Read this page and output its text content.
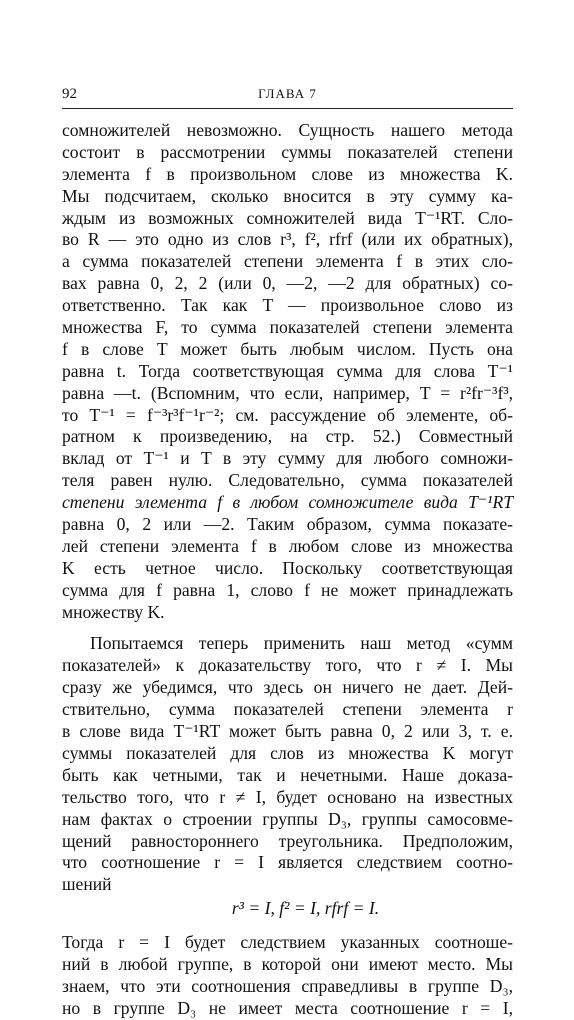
92	ГЛАВА 7
сомножителей невозможно. Сущность нашего метода
состоит в рассмотрении суммы показателей степени
элемента f в произвольном слове из множества K.
Мы подсчитаем, сколько вносится в эту сумму ка-
ждым из возможных сомножителей вида T⁻¹RT. Сло-
во R — это одно из слов r³, f², rfrf (или их обратных),
а сумма показателей степени элемента f в этих сло-
вах равна 0, 2, 2 (или 0, —2, —2 для обратных) со-
ответственно. Так как T — произвольное слово из
множества F, то сумма показателей степени элемента
f в слове T может быть любым числом. Пусть она
равна t. Тогда соответствующая сумма для слова T⁻¹
равна —t. (Вспомним, что если, например, T = r²fr⁻³f³,
то T⁻¹ = f⁻³r³f⁻¹r⁻²; см. рассуждение об элементе, об-
ратном к произведению, на стр. 52.) Совместный
вклад от T⁻¹ и T в эту сумму для любого сомножи-
теля равен нулю. Следовательно, сумма показателей
степени элемента f в любом сомножителе вида T⁻¹RT
равна 0, 2 или —2. Таким образом, сумма показате-
лей степени элемента f в любом слове из множества
K есть четное число. Поскольку соответствующая
сумма для f равна 1, слово f не может принадлежать
множеству K.
Попытаемся теперь применить наш метод «сумм
показателей» к доказательству того, что r ≠ I. Мы
сразу же убедимся, что здесь он ничего не дает. Дей-
ствительно, сумма показателей степени элемента r
в слове вида T⁻¹RT может быть равна 0, 2 или 3, т. е.
суммы показателей для слов из множества K могут
быть как четными, так и нечетными. Наше доказа-
тельство того, что r ≠ I, будет основано на известных
нам фактах о строении группы D₃, группы самосовме-
щений равностороннего треугольника. Предположим,
что соотношение r = I является следствием соотно-
шений
r³ = I, f² = I, rfrf = I.
Тогда r = I будет следствием указанных соотноше-
ний в любой группе, в которой они имеют место. Мы
знаем, что эти соотношения справедливы в группе D₃,
но в группе D₃ не имеет места соотношение r = I,
